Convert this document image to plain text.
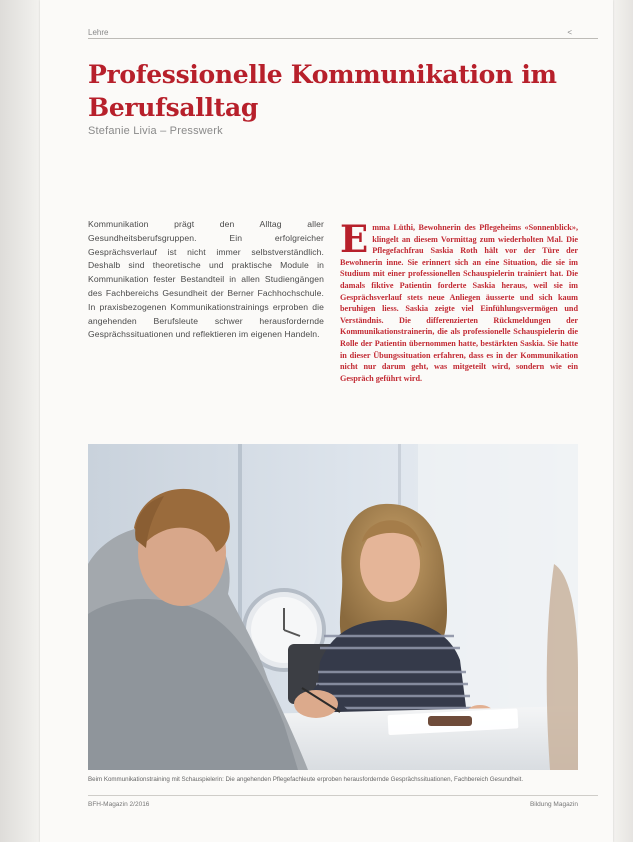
Lehre	<
Professionelle Kommunikation im Berufsalltag
Stefanie Livia – Presswerk

Kommunikation prägt den Alltag aller Gesundheitsberufsgruppen. Ein erfolgreicher Gesprächsverlauf ist nicht immer selbstverständlich. Deshalb sind theoretische und praktische Module in Kommunikation fester Bestandteil in allen Studiengängen des Fachbereichs Gesundheit der Berner Fachhochschule. In praxisbezogenen Kommunikationstrainings erproben die angehenden Berufsleute schwer herausfordernde Gesprächssituationen und reflektieren im eigenen Handeln.

Emma Lüthi, Bewohnerin des Pflegeheims «Sonnenblick», klingelt an diesem Vormittag zum wiederholten Mal. Die Pflegefachfrau Saskia Roth hält vor der Türe der Bewohnerin inne. Sie erinnert sich an eine Situation, die sie im Studium mit einer professionellen Schauspielerin trainiert hat. Die damals fiktive Patientin forderte Saskia heraus, weil sie im Gesprächsverlauf stets neue Anliegen äusserte und sich kaum beruhigen liess. Saskia zeigte viel Einfühlungsvermögen und Verständnis. Die differenzierten Rückmeldungen der Kommunikationstrainerin, die als professionelle Schauspielerin die Rolle der Patientin übernommen hatte, bestärkten Saskia. Sie hatte in dieser Übungssituation erfahren, dass es in der Kommunikation nicht nur darum geht, was mitgeteilt wird, sondern wie ein Gespräch geführt wird.

Beim Kommunikationstraining mit Schauspielerin: Die angehenden Pflegefachleute erproben herausfordernde Gesprächssituationen, Fachbereich Gesundheit.
BFH-Magazin 2/2016	Bildung Magazin
